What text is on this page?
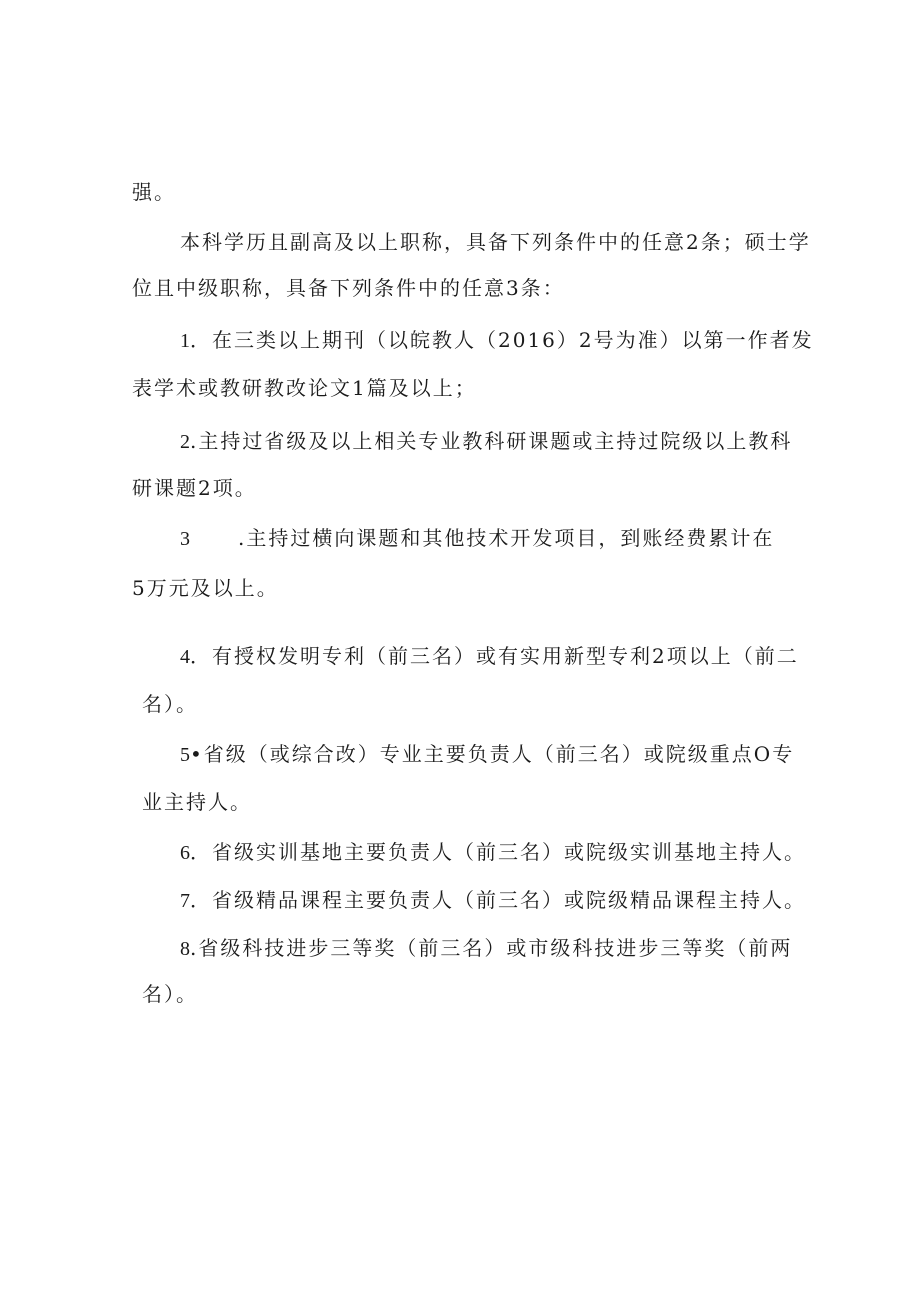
强。
本科学历且副高及以上职称，具备下列条件中的任意2条；硕士学
位且中级职称，具备下列条件中的任意3条：
1．在三类以上期刊（以皖教人（2016）2号为准）以第一作者发
表学术或教研教改论文1篇及以上；
2.主持过省级及以上相关专业教科研课题或主持过院级以上教科
研课题2项。
3 .主持过横向课题和其他技术开发项目，到账经费累计在
5万元及以上。
4．有授权发明专利（前三名）或有实用新型专利2项以上（前二
名）。
5•省级（或综合改）专业主要负责人（前三名）或院级重点O专
业主持人。
6．省级实训基地主要负责人（前三名）或院级实训基地主持人。
7．省级精品课程主要负责人（前三名）或院级精品课程主持人。
8.省级科技进步三等奖（前三名）或市级科技进步三等奖（前两
名）。
